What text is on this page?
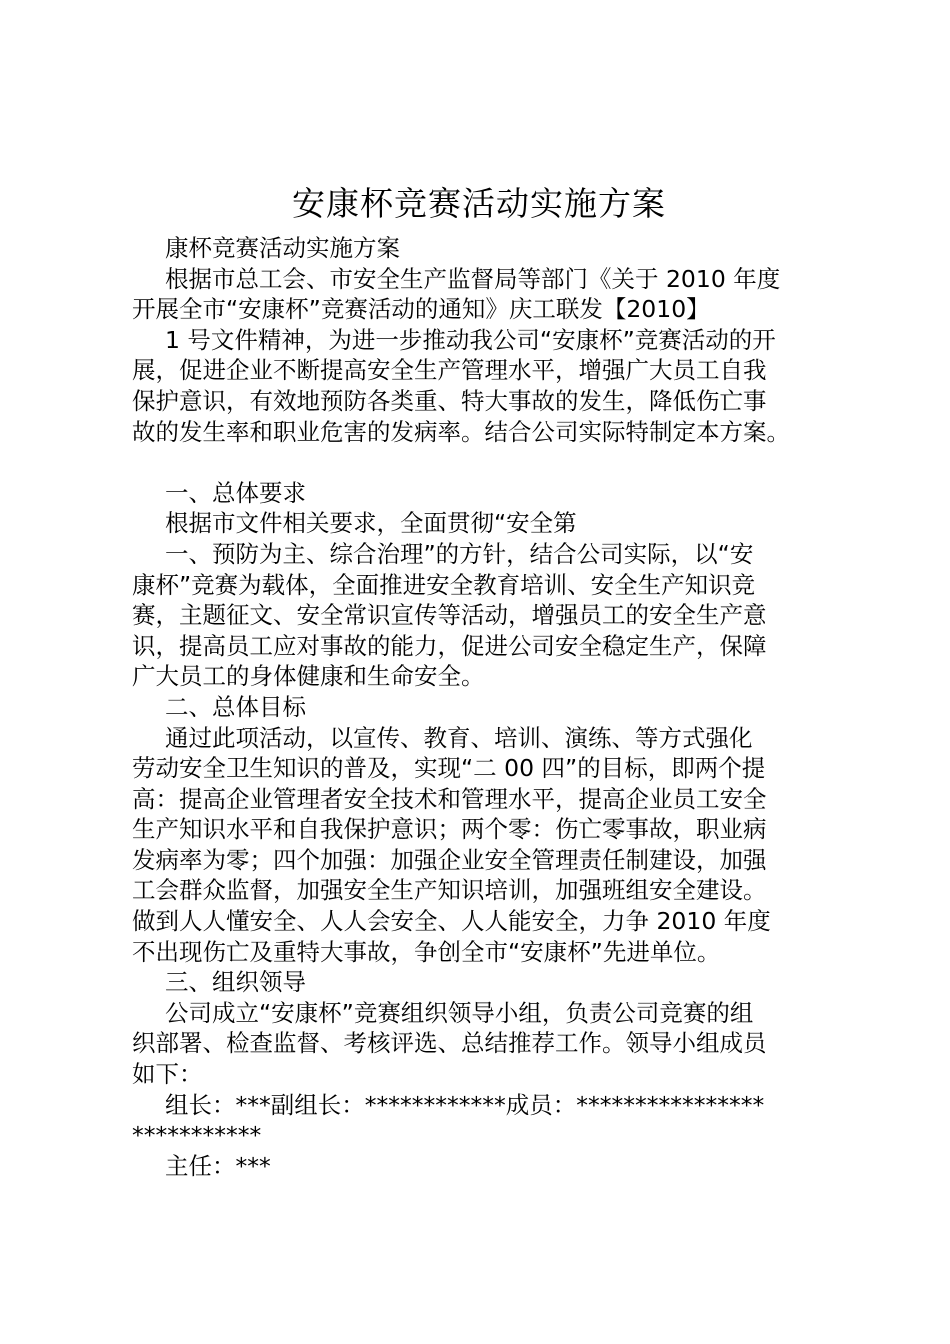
安康杯竞赛活动实施方案
康杯竞赛活动实施方案
根据市总工会、市安全生产监督局等部门《关于 2010 年度
开展全市“安康杯”竞赛活动的通知》庆工联发【2010】
1 号文件精神，为进一步推动我公司“安康杯”竞赛活动的开
展，促进企业不断提高安全生产管理水平，增强广大员工自我
保护意识，有效地预防各类重、特大事故的发生，降低伤亡事
故的发生率和职业危害的发病率。结合公司实际特制定本方案。
一、总体要求
根据市文件相关要求，全面贯彻“安全第
一、预防为主、综合治理”的方针，结合公司实际，以“安
康杯”竞赛为载体，全面推进安全教育培训、安全生产知识竞
赛，主题征文、安全常识宣传等活动，增强员工的安全生产意
识，提高员工应对事故的能力，促进公司安全稳定生产，保障
广大员工的身体健康和生命安全。
二、总体目标
通过此项活动，以宣传、教育、培训、演练、等方式强化
劳动安全卫生知识的普及，实现“二 00 四”的目标，即两个提
高：提高企业管理者安全技术和管理水平，提高企业员工安全
生产知识水平和自我保护意识；两个零：伤亡零事故，职业病
发病率为零；四个加强：加强企业安全管理责任制建设，加强
工会群众监督，加强安全生产知识培训，加强班组安全建设。
做到人人懂安全、人人会安全、人人能安全，力争 2010 年度
不出现伤亡及重特大事故，争创全市“安康杯”先进单位。
三、组织领导
公司成立“安康杯”竞赛组织领导小组，负责公司竞赛的组
织部署、检查监督、考核评选、总结推荐工作。领导小组成员
如下：
组长：***副组长：************成员：****************
***********
主任：***
